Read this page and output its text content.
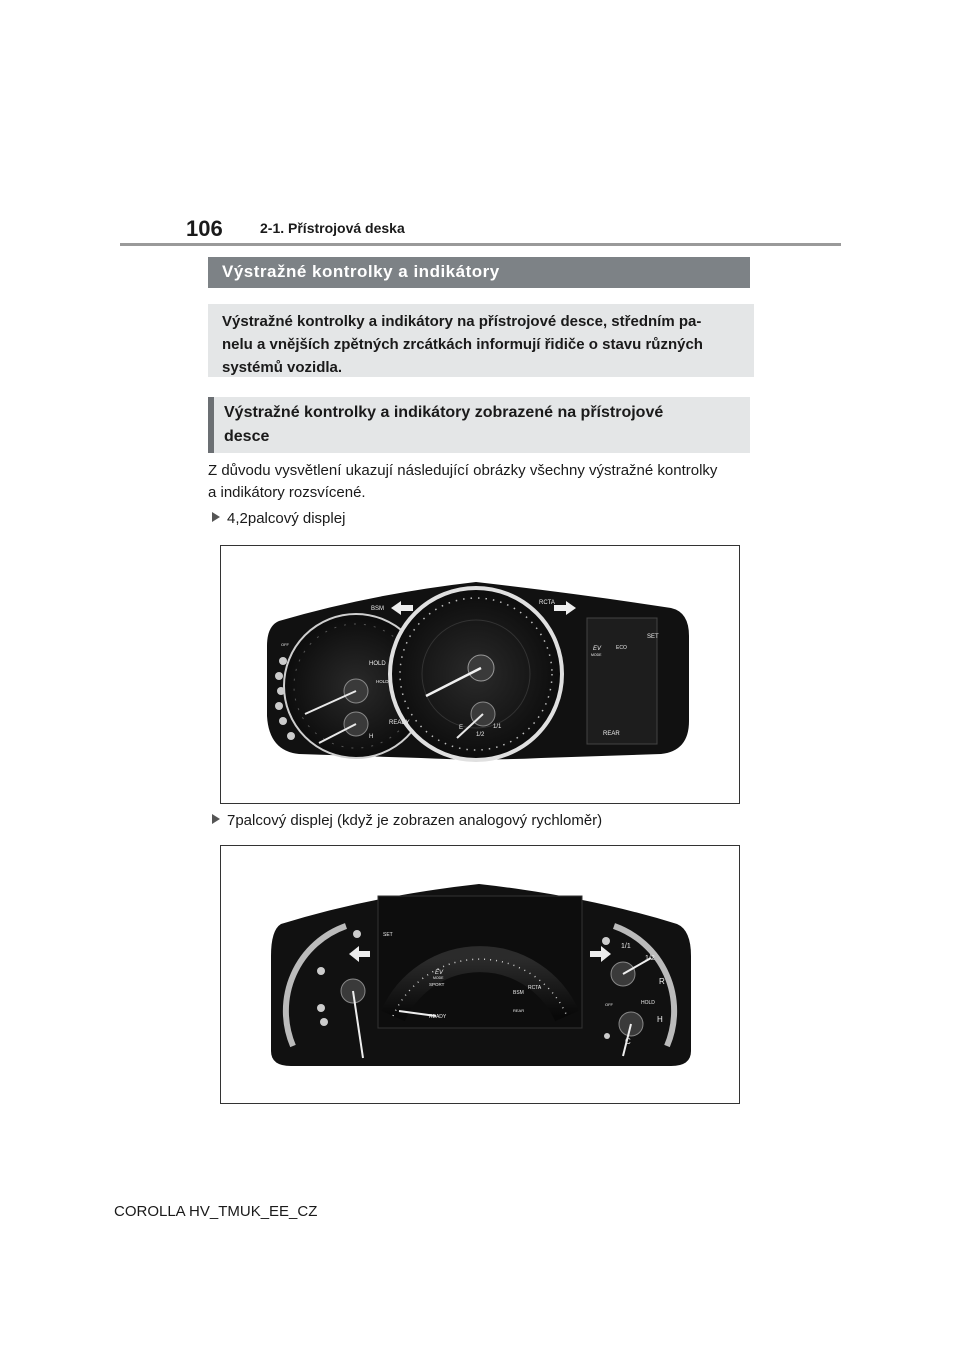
106	2-1. Přístrojová deska
Výstražné kontrolky a indikátory
Výstražné kontrolky a indikátory na přístrojové desce, středním pa-
nelu a vnějších zpětných zrcátkách informují řidiče o stavu různých
systémů vozidla.
Výstražné kontrolky a indikátory zobrazené na přístrojové
desce
Z důvodu vysvětlení ukazují následující obrázky všechny výstražné kontrolky
a indikátory rozsvícené.
4,2palcový displej
BSM
RCTA
HOLD
HOLD
READY
SET
ECO
REAR
E
1/2
1/1
H
EV
MODE
OFF
7palcový displej (když je zobrazen analogový rychloměr)
SET
SPORT
EV
MODE
BSM
RCTA
REAR
READY
HOLD
1/1
1/2
R
H
C
OFF
COROLLA HV_TMUK_EE_CZ
